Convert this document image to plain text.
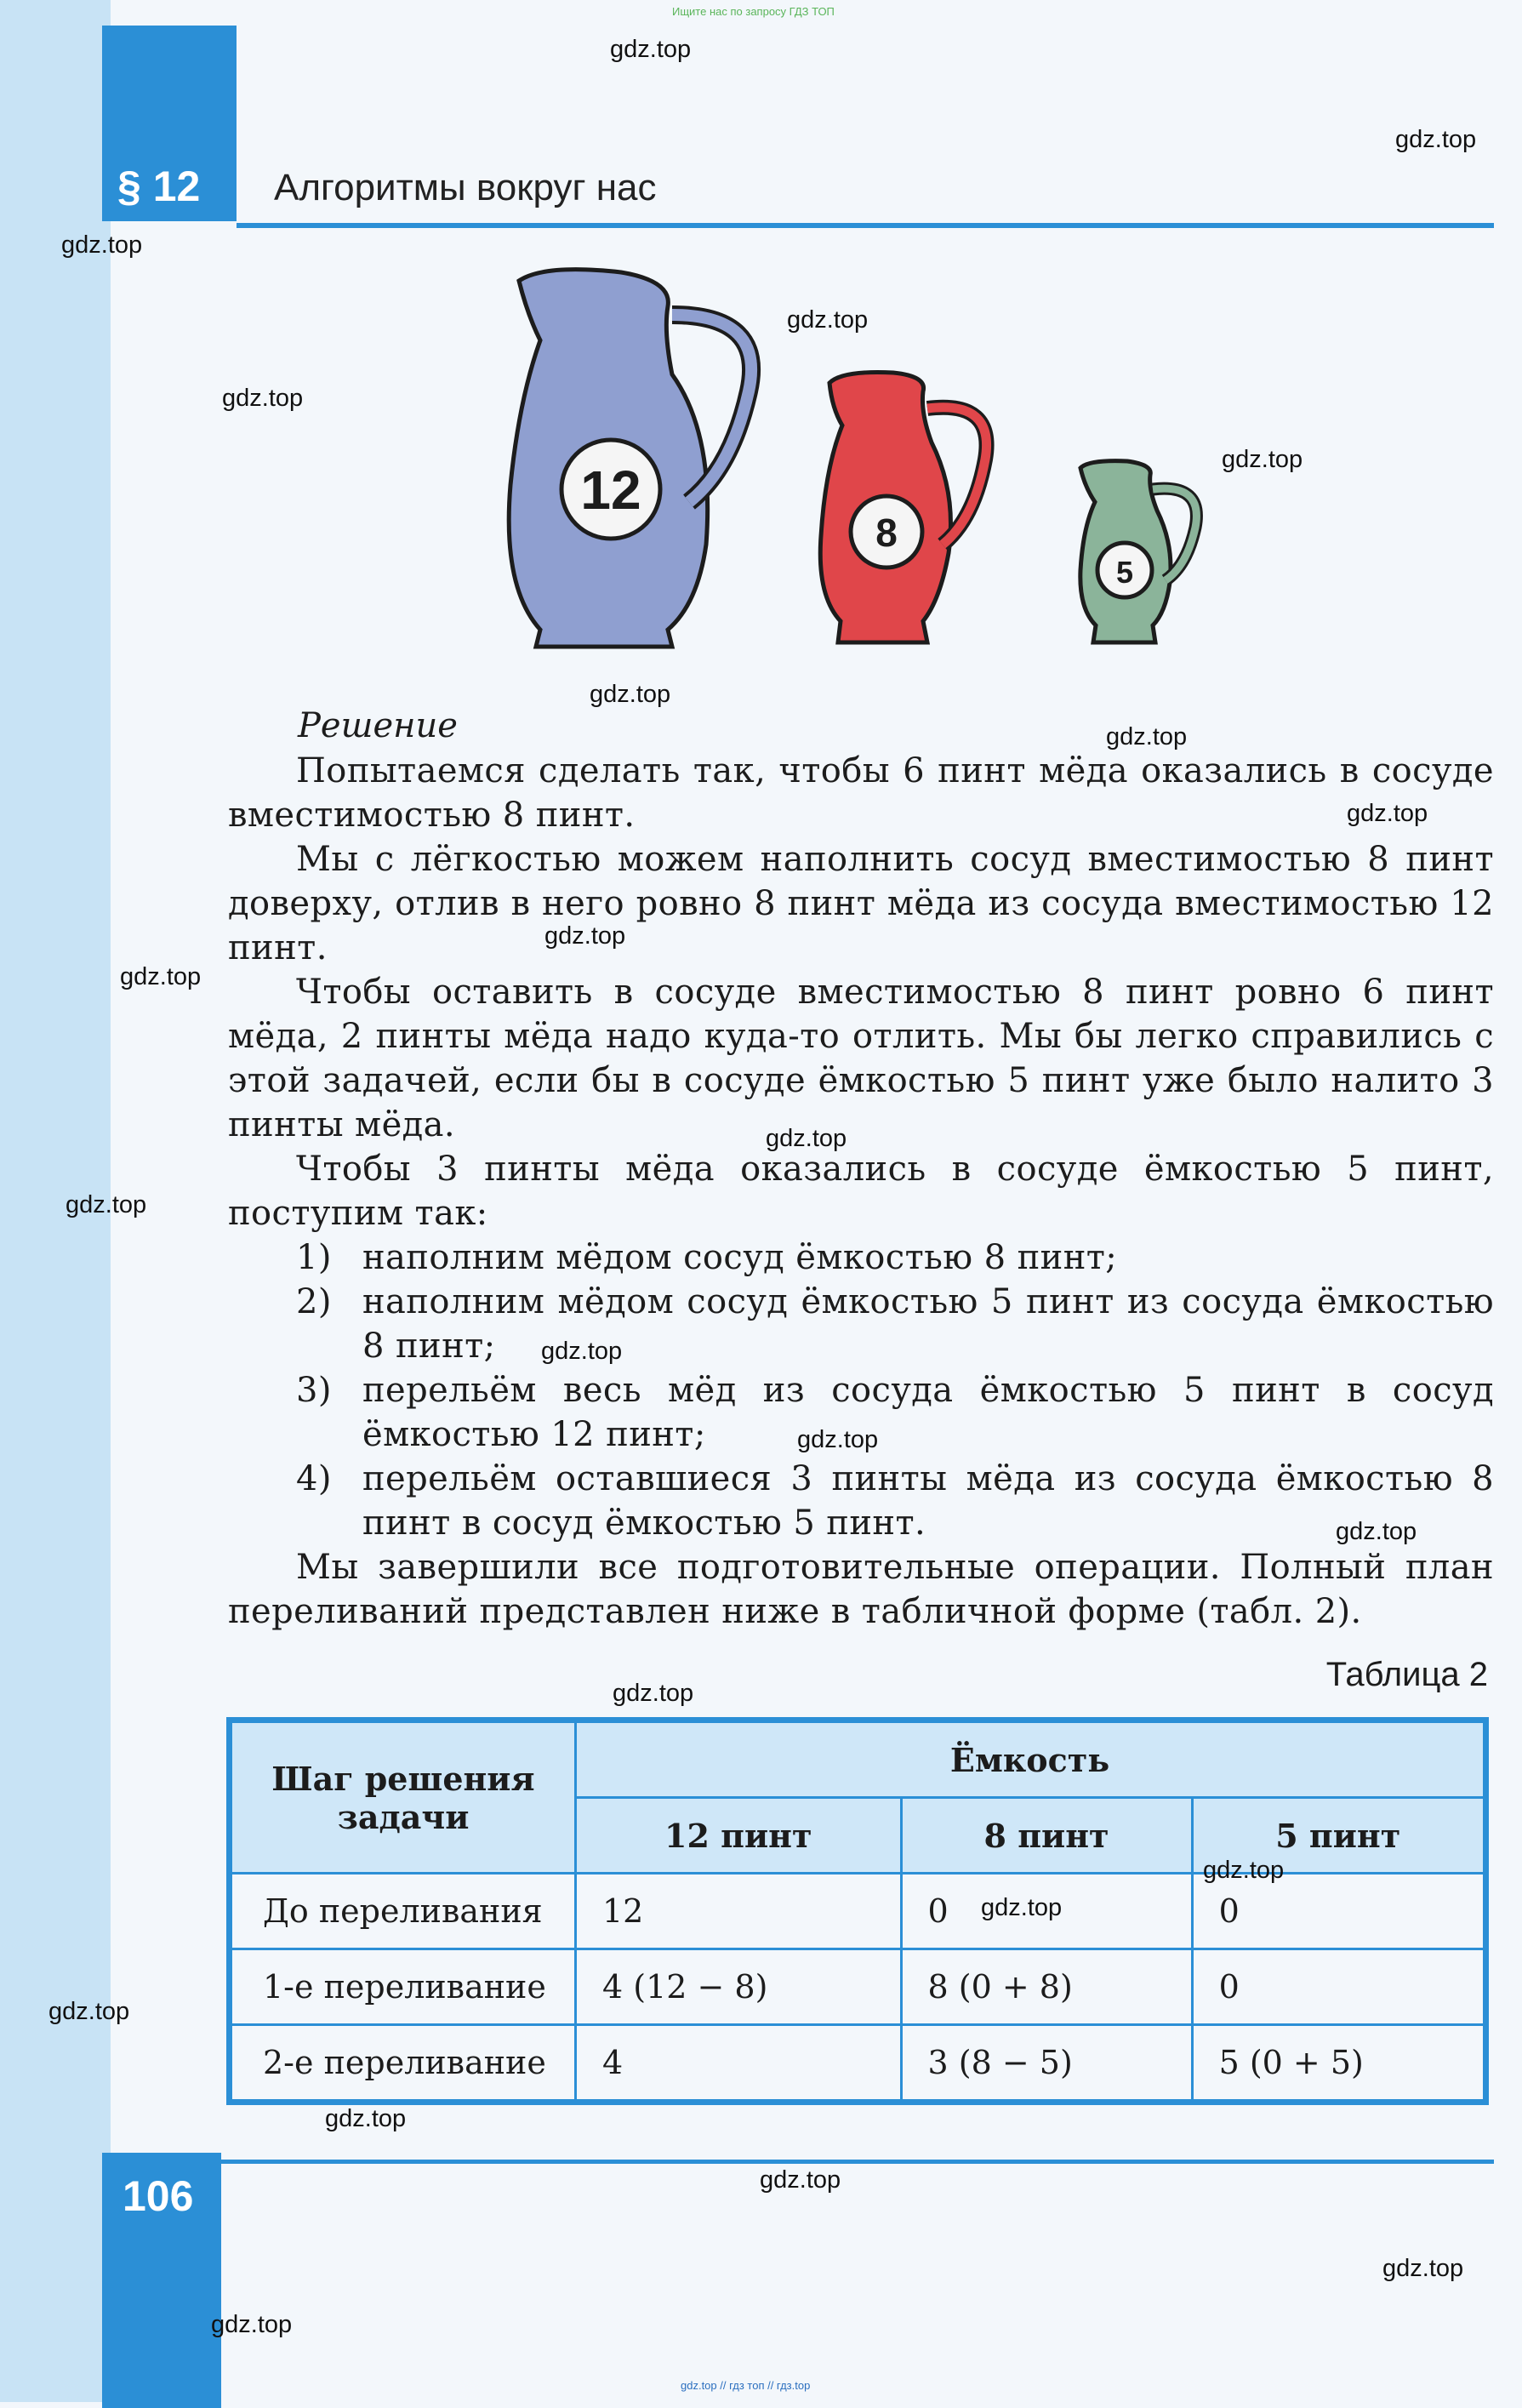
Ищите нас по запросу ГДЗ ТОП
§ 12 Алгоритмы вокруг нас
12
8
5
Решение

Попытаемся сделать так, чтобы 6 пинт мёда оказались в сосуде вместимостью 8 пинт.

Мы с лёгкостью можем наполнить сосуд вместимостью 8 пинт доверху, отлив в него ровно 8 пинт мёда из сосуда вместимостью 12 пинт.

Чтобы оставить в сосуде вместимостью 8 пинт ровно 6 пинт мёда, 2 пинты мёда надо куда-то отлить. Мы бы легко справились с этой задачей, если бы в сосуде ёмкостью 5 пинт уже было налито 3 пинты мёда.

Чтобы 3 пинты мёда оказались в сосуде ёмкостью 5 пинт, поступим так:

1) наполним мёдом сосуд ёмкостью 8 пинт;
2) наполним мёдом сосуд ёмкостью 5 пинт из сосуда ёмкостью 8 пинт;
3) перельём весь мёд из сосуда ёмкостью 5 пинт в сосуд ёмкостью 12 пинт;
4) перельём оставшиеся 3 пинты мёда из сосуда ёмкостью 8 пинт в сосуд ёмкостью 5 пинт.

Мы завершили все подготовительные операции. Полный план переливаний представлен ниже в табличной форме (табл. 2).

Таблица 2
Шаг решения задачи	Ёмкость		
	12 пинт	8 пинт	5 пинт
До переливания	12	0	0
1-е переливание	4 (12 − 8)	8 (0 + 8)	0
2-е переливание	4	3 (8 − 5)	5 (0 + 5)
106
gdz.top // гдз топ // гдз.top
gdz.top
gdz.top
gdz.top
gdz.top
gdz.top
gdz.top
gdz.top
gdz.top
gdz.top
gdz.top
gdz.top
gdz.top
gdz.top
gdz.top
gdz.top
gdz.top
gdz.top
gdz.top
gdz.top
gdz.top
gdz.top
gdz.top
gdz.top
gdz.top
